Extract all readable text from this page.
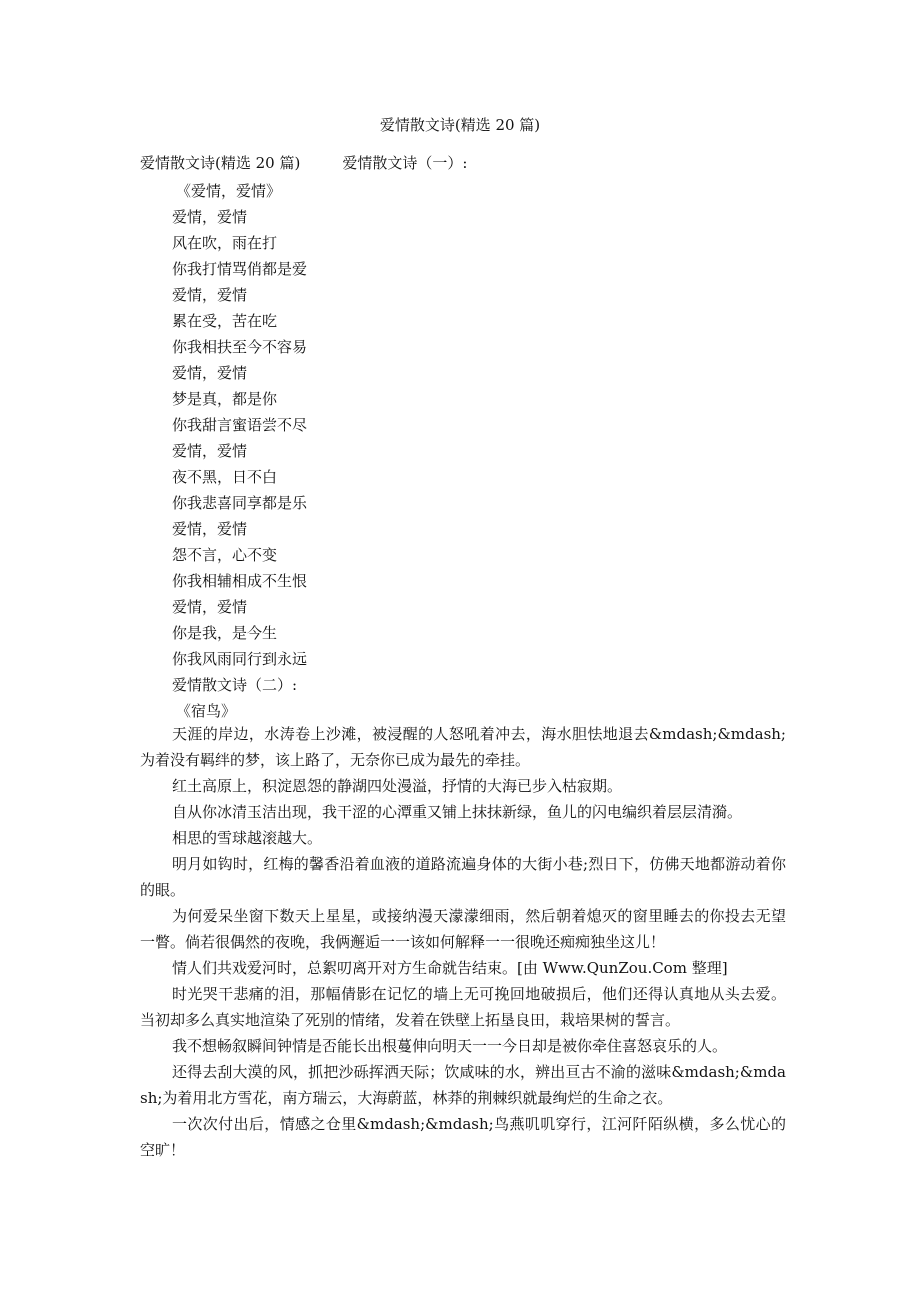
爱情散文诗(精选 20 篇)
爱情散文诗(精选 20 篇)	爱情散文诗（一）:
《爱情，爱情》
爱情，爱情
风在吹，雨在打
你我打情骂俏都是爱
爱情，爱情
累在受，苦在吃
你我相扶至今不容易
爱情，爱情
梦是真，都是你
你我甜言蜜语尝不尽
爱情，爱情
夜不黑，日不白
你我悲喜同享都是乐
爱情，爱情
怨不言，心不变
你我相辅相成不生恨
爱情，爱情
你是我，是今生
你我风雨同行到永远
爱情散文诗（二）:
《宿鸟》

天涯的岸边，水涛卷上沙滩，被浸醒的人怒吼着冲去，海水胆怯地退去&mdash;&mdash;为着没有羁绊的梦，该上路了，无奈你已成为最先的牵挂。

红土高原上，积淀恩怨的静湖四处漫溢，抒情的大海已步入枯寂期。

自从你冰清玉洁出现，我干涩的心潭重又铺上抹抹新绿，鱼儿的闪电编织着层层清漪。

相思的雪球越滚越大。

明月如钩时，红梅的馨香沿着血液的道路流遍身体的大街小巷;烈日下，仿佛天地都游动着你的眼。

为何爱呆坐窗下数天上星星，或接纳漫天濛濛细雨，然后朝着熄灭的窗里睡去的你投去无望一瞥。倘若很偶然的夜晚，我俩邂逅一一该如何解释一一很晚还痴痴独坐这儿！

情人们共戏爱河时，总絮叨离开对方生命就告结束。[由 Www.QunZou.Com 整理]

时光哭干悲痛的泪，那幅倩影在记忆的墙上无可挽回地破损后，他们还得认真地从头去爱。当初却多么真实地渲染了死别的情绪，发着在铁壁上拓垦良田，栽培果树的誓言。

我不想畅叙瞬间钟情是否能长出根蔓伸向明天一一今日却是被你牵住喜怒哀乐的人。

还得去刮大漠的风，抓把沙砾挥洒天际；饮咸味的水，辨出亘古不渝的滋味&mdash;&mdash;为着用北方雪花，南方瑞云，大海蔚蓝，林莽的荆棘织就最绚烂的生命之衣。

一次次付出后，情感之仓里&mdash;&mdash;鸟燕叽叽穿行，江河阡陌纵横，多么忧心的空旷！
